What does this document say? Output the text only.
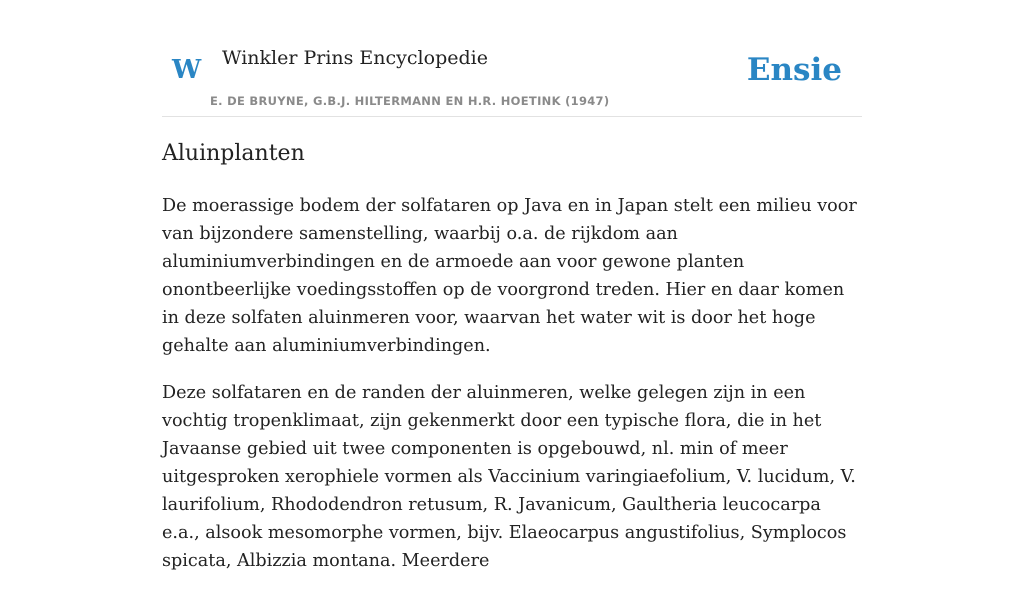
W Winkler Prins Encyclopedie
E. DE BRUYNE, G.B.J. HILTERMANN EN H.R. HOETINK (1947)
Ensie
Aluinplanten

De moerassige bodem der solfataren op Java en in Japan stelt een milieu voor van bijzondere samenstelling, waarbij o.a. de rijkdom aan aluminiumverbindingen en de armoede aan voor gewone planten onontbeerlijke voedingsstoffen op de voorgrond treden. Hier en daar komen in deze solfaten aluinmeren voor, waarvan het water wit is door het hoge gehalte aan aluminiumverbindingen.

Deze solfataren en de randen der aluinmeren, welke gelegen zijn in een vochtig tropenklimaat, zijn gekenmerkt door een typische flora, die in het Javaanse gebied uit twee componenten is opgebouwd, nl. min of meer uitgesproken xerophiele vormen als Vaccinium varingiaefolium, V. lucidum, V. laurifolium, Rhododendron retusum, R. Javanicum, Gaultheria leucocarpa e.a., alsook mesomorphe vormen, bijv. Elaeocarpus angustifolius, Symplocos spicata, Albizzia montana. Meerdere
